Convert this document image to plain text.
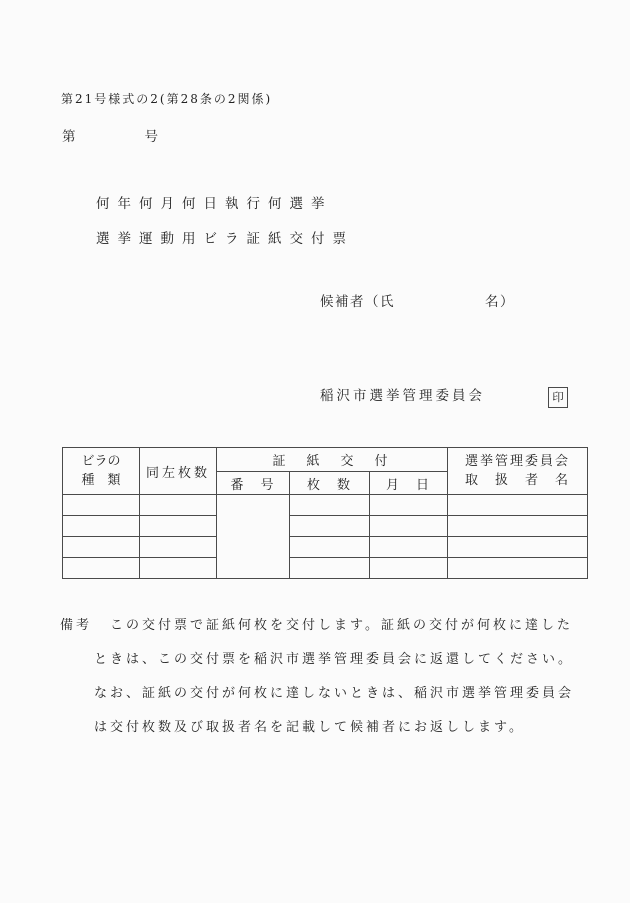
第21号様式の2(第28条の2関係)
第　　　　号
何年何月何日執行何選挙
選挙運動用ビラ証紙交付票
候補者（氏　　　　　　名）
稲沢市選挙管理委員会	印
ビラの
種　類	同左枚数	証　紙　交　付	選挙管理委員会
取　扱　者　名

		番　号	枚　数	月　日	

備考 この交付票で証紙何枚を交付します。証紙の交付が何枚に達した
ときは、この交付票を稲沢市選挙管理委員会に返還してください。
なお、証紙の交付が何枚に達しないときは、稲沢市選挙管理委員会
は交付枚数及び取扱者名を記載して候補者にお返しします。
